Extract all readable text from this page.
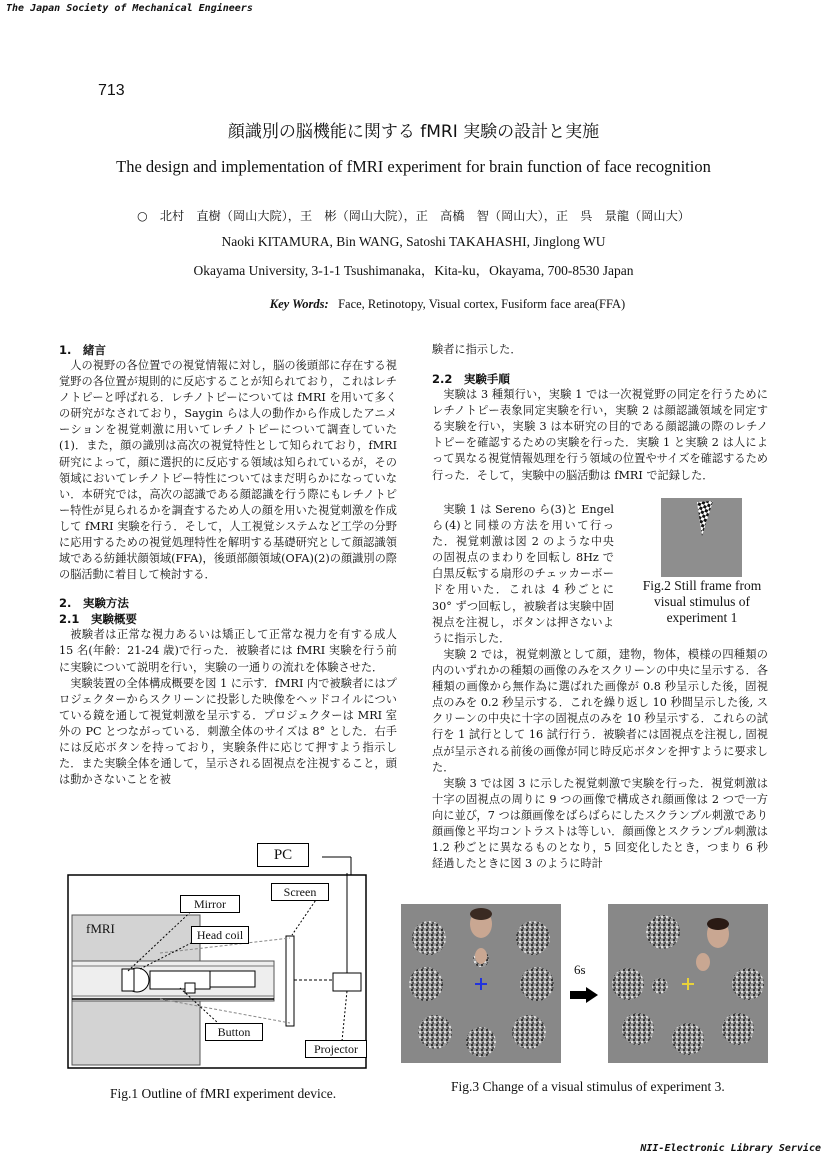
The Japan Society of Mechanical Engineers
NII-Electronic Library Service
713
顔識別の脳機能に関する fMRI 実験の設計と実施
The design and implementation of fMRI experiment for brain function of face recognition
○　北村　直樹（岡山大院），王　彬（岡山大院），正　高橋　智（岡山大），正　呉　景龍（岡山大）
Naoki KITAMURA, Bin WANG, Satoshi TAKAHASHI, Jinglong WU
Okayama University, 3-1-1 Tsushimanaka，Kita-ku，Okayama, 700-8530 Japan
Key Words: Face, Retinotopy, Visual cortex, Fusiform face area(FFA)
1.　緒言

人の視野の各位置での視覚情報に対し，脳の後頭部に存在する視覚野の各位置が規則的に反応することが知られており，これはレチノトピーと呼ばれる．レチノトピーについては fMRI を用いて多くの研究がなされており，Saygin らは人の動作から作成したアニメーションを視覚刺激に用いてレチノトピーについて調査していた(1)．また，顔の識別は高次の視覚特性として知られており，fMRI 研究によって，顔に選択的に反応する領域は知られているが，その領域においてレチノトピー特性についてはまだ明らかになっていない．本研究では，高次の認識である顔認識を行う際にもレチノトピー特性が見られるかを調査するため人の顔を用いた視覚刺激を作成して fMRI 実験を行う．そして，人工視覚システムなど工学の分野に応用するための視覚処理特性を解明する基礎研究として顔認識領域である紡錘状顔領域(FFA)，後頭部顔領域(OFA)(2)の顔識別の際の脳活動に着目して検討する．

2.　実験方法
2.1　実験概要

被験者は正常な視力あるいは矯正して正常な視力を有する成人 15 名(年齢：21-24 歳)で行った．被験者には fMRI 実験を行う前に実験について説明を行い，実験の一通りの流れを体験させた．

実験装置の全体構成概要を図 1 に示す．fMRI 内で被験者にはプロジェクターからスクリーンに投影した映像をヘッドコイルについている鏡を通して視覚刺激を呈示する．プロジェクターは MRI 室外の PC とつながっている．刺激全体のサイズは 8° とした．右手には反応ボタンを持っており，実験条件に応じて押すよう指示した．また実験全体を通して，呈示される固視点を注視すること，頭は動かさないことを被

験者に指示した．
2.2　実験手順

実験は 3 種類行い，実験 1 では一次視覚野の同定を行うためにレチノトピー表象同定実験を行い，実験 2 は顔認識領域を同定する実験を行い，実験 3 は本研究の目的である顔認識の際のレチノトピーを確認するための実験を行った．実験 1 と実験 2 は人によって異なる視覚情報処理を行う領域の位置やサイズを確認するため行った．そして，実験中の脳活動は fMRI で記録した．

実験 1 は Sereno ら(3)と Engel ら(4)と同様の方法を用いて行った．視覚刺激は図 2 のような中央の固視点のまわりを回転し 8Hz で白黒反転する扇形のチェッカーボードを用いた．これは 4 秒ごとに 30° ずつ回転し，被験者は実験中固視点を注視し，ボタンは押さないように指示した．

実験 2 では，視覚刺激として顔，建物，物体，模様の四種類の内のいずれかの種類の画像のみをスクリーンの中央に呈示する．各種類の画像から無作為に選ばれた画像が 0.8 秒呈示した後，固視点のみを 0.2 秒呈示する．これを繰り返し 10 秒間呈示した後, スクリーンの中央に十字の固視点のみを 10 秒呈示する．これらの試行を 1 試行として 16 試行行う．被験者には固視点を注視し, 固視点が呈示される前後の画像が同じ時反応ボタンを押すように要求した．

実験 3 では図 3 に示した視覚刺激で実験を行った．視覚刺激は十字の固視点の周りに 9 つの画像で構成され顔画像は 2 つで一方向に並び，7 つは顔画像をばらばらにしたスクランブル刺激であり顔画像と平均コントラストは等しい．顔画像とスクランブル刺激は 1.2 秒ごとに異なるものとなり，5 回変化したとき，つまり 6 秒経過したときに図 3 のように時計

Fig.2 Still frame from visual stimulus of experiment 1
PC
Screen
Mirror
fMRI	Head coil
Button
Projector
Fig.1 Outline of fMRI experiment device.
6s
Fig.3 Change of a visual stimulus of experiment 3.
